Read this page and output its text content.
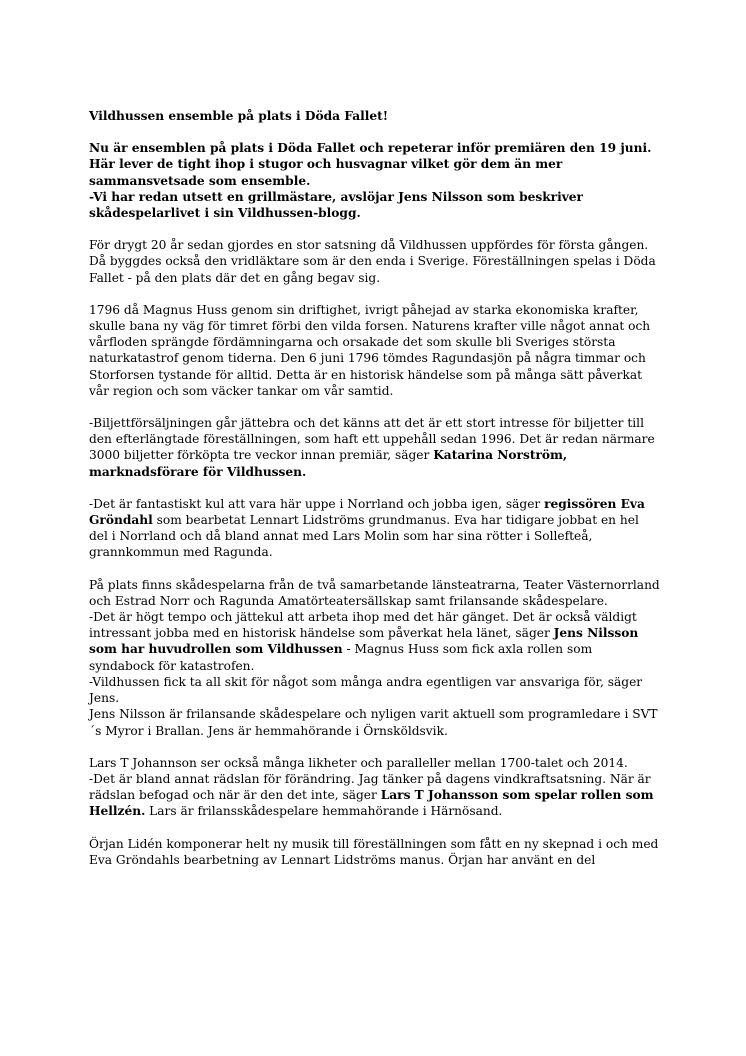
Vildhussen ensemble på plats i Döda Fallet!
Nu är ensemblen på plats i Döda Fallet och repeterar inför premiären den 19 juni. Här lever de tight ihop i stugor och husvagnar vilket gör dem än mer sammansvetsade som ensemble.
-Vi har redan utsett en grillmästare, avslöjar Jens Nilsson som beskriver skådespelarlivet i sin Vildhussen-blogg.

För drygt 20 år sedan gjordes en stor satsning då Vildhussen uppfördes för första gången. Då byggdes också den vridläktare som är den enda i Sverige. Föreställningen spelas i Döda Fallet - på den plats där det en gång begav sig.

1796 då Magnus Huss genom sin driftighet, ivrigt påhejad av starka ekonomiska krafter, skulle bana ny väg för timret förbi den vilda forsen. Naturens krafter ville något annat och vårfloden sprängde fördämningarna och orsakade det som skulle bli Sveriges största naturkatastrof genom tiderna. Den 6 juni 1796 tömdes Ragundasjön på några timmar och Storforsen tystande för alltid. Detta är en historisk händelse som på många sätt påverkat vår region och som väcker tankar om vår samtid.

-Biljettförsäljningen går jättebra och det känns att det är ett stort intresse för biljetter till den efterlängtade föreställningen, som haft ett uppehåll sedan 1996. Det är redan närmare 3000 biljetter förköpta tre veckor innan premiär, säger Katarina Norström, marknadsförare för Vildhussen.

-Det är fantastiskt kul att vara här uppe i Norrland och jobba igen, säger regissören Eva Gröndahl som bearbetat Lennart Lidströms grundmanus. Eva har tidigare jobbat en hel del i Norrland och då bland annat med Lars Molin som har sina rötter i Sollefteå, grannkommun med Ragunda.

På plats finns skådespelarna från de två samarbetande länsteatrarna, Teater Västernorrland och Estrad Norr och Ragunda Amatörteatersällskap samt frilansande skådespelare.

-Det är högt tempo och jättekul att arbeta ihop med det här gänget. Det är också väldigt intressant jobba med en historisk händelse som påverkat hela länet, säger Jens Nilsson som har huvudrollen som Vildhussen - Magnus Huss som fick axla rollen som syndabock för katastrofen.

-Vildhussen fick ta all skit för något som många andra egentligen var ansvariga för, säger Jens.

Jens Nilsson är frilansande skådespelare och nyligen varit aktuell som programledare i SVT´s Myror i Brallan. Jens är hemmahörande i Örnsköldsvik.

Lars T Johannson ser också många likheter och paralleller mellan 1700-talet och 2014.
-Det är bland annat rädslan för förändring. Jag tänker på dagens vindkraftsatsning. När är rädslan befogad och när är den det inte, säger Lars T Johansson som spelar rollen som Hellzén. Lars är frilansskådespelare hemmahörande i Härnösand.

Örjan Lidén komponerar helt ny musik till föreställningen som fått en ny skepnad i och med Eva Gröndahls bearbetning av Lennart Lidströms manus. Örjan har använt en del
